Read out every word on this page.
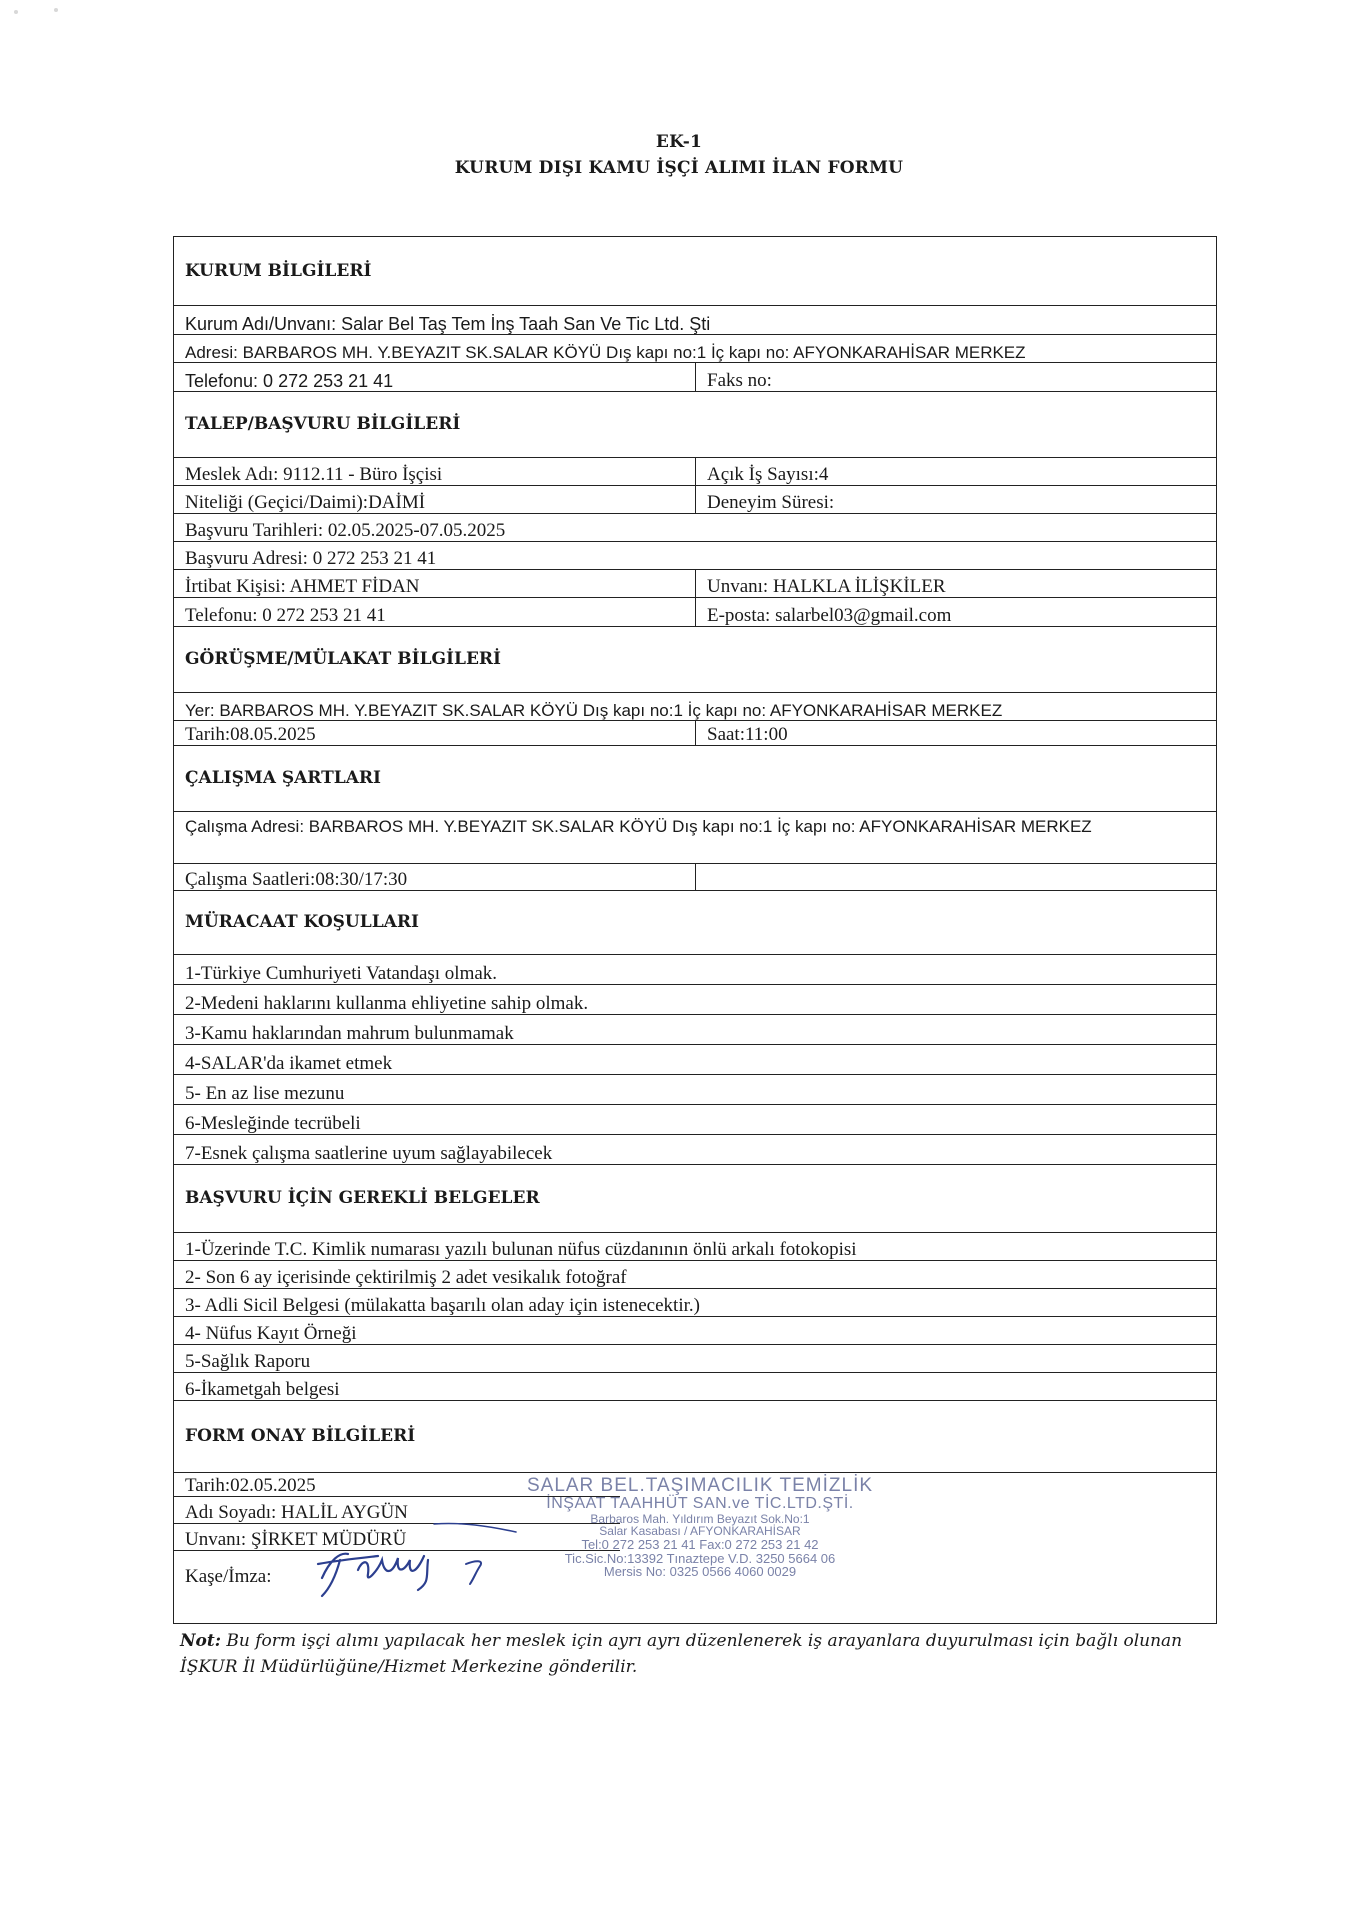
EK-1
KURUM DIŞI KAMU İŞÇİ ALIMI İLAN FORMU
KURUM BİLGİLERİ
Kurum Adı/Unvanı: Salar Bel Taş Tem İnş Taah San Ve Tic Ltd. Şti
Adresi: BARBAROS MH. Y.BEYAZIT SK.SALAR KÖYÜ Dış kapı no:1 İç kapı no: AFYONKARAHİSAR MERKEZ
Telefonu: 0 272 253 21 41	Faks no:
TALEP/BAŞVURU BİLGİLERİ
Meslek Adı: 9112.11 - Büro İşçisi	Açık İş Sayısı:4
Niteliği (Geçici/Daimi):DAİMİ	Deneyim Süresi:
Başvuru Tarihleri: 02.05.2025-07.05.2025
Başvuru Adresi: 0 272 253 21 41
İrtibat Kişisi: AHMET FİDAN	Unvanı: HALKLA İLİŞKİLER
Telefonu: 0 272 253 21 41	E-posta: salarbel03@gmail.com
GÖRÜŞME/MÜLAKAT BİLGİLERİ
Yer: BARBAROS MH. Y.BEYAZIT SK.SALAR KÖYÜ Dış kapı no:1 İç kapı no: AFYONKARAHİSAR MERKEZ
Tarih:08.05.2025	Saat:11:00
ÇALIŞMA ŞARTLARI
Çalışma Adresi: BARBAROS MH. Y.BEYAZIT SK.SALAR KÖYÜ Dış kapı no:1 İç kapı no: AFYONKARAHİSAR MERKEZ
Çalışma Saatleri:08:30/17:30
MÜRACAAT KOŞULLARI
1-Türkiye Cumhuriyeti Vatandaşı olmak.
2-Medeni haklarını kullanma ehliyetine sahip olmak.
3-Kamu haklarından mahrum bulunmamak
4-SALAR'da ikamet etmek
5- En az lise mezunu
6-Mesleğinde tecrübeli
7-Esnek çalışma saatlerine uyum sağlayabilecek
BAŞVURU İÇİN GEREKLİ BELGELER
1-Üzerinde T.C. Kimlik numarası yazılı bulunan nüfus cüzdanının önlü arkalı fotokopisi
2- Son 6 ay içerisinde çektirilmiş 2 adet vesikalık fotoğraf
3- Adli Sicil Belgesi (mülakatta başarılı olan aday için istenecektir.)
4- Nüfus Kayıt Örneği
5-Sağlık Raporu
6-İkametgah belgesi
FORM ONAY BİLGİLERİ
Tarih:02.05.2025
Adı Soyadı: HALİL AYGÜN
Unvanı: ŞİRKET MÜDÜRÜ
Kaşe/İmza:
SALAR BEL.TAŞIMACILIK TEMİZLİK
İNŞAAT TAAHHÜT SAN.ve TİC.LTD.ŞTİ.
Barbaros Mah. Yıldırım Beyazıt Sok.No:1
Salar Kasabası / AFYONKARAHİSAR
Tel:0 272 253 21 41 Fax:0 272 253 21 42
Tic.Sic.No:13392 Tınaztepe V.D. 3250 5664 06
Mersis No: 0325 0566 4060 0029
Not: Bu form işçi alımı yapılacak her meslek için ayrı ayrı düzenlenerek iş arayanlara duyurulması için bağlı olunan İŞKUR İl Müdürlüğüne/Hizmet Merkezine gönderilir.
